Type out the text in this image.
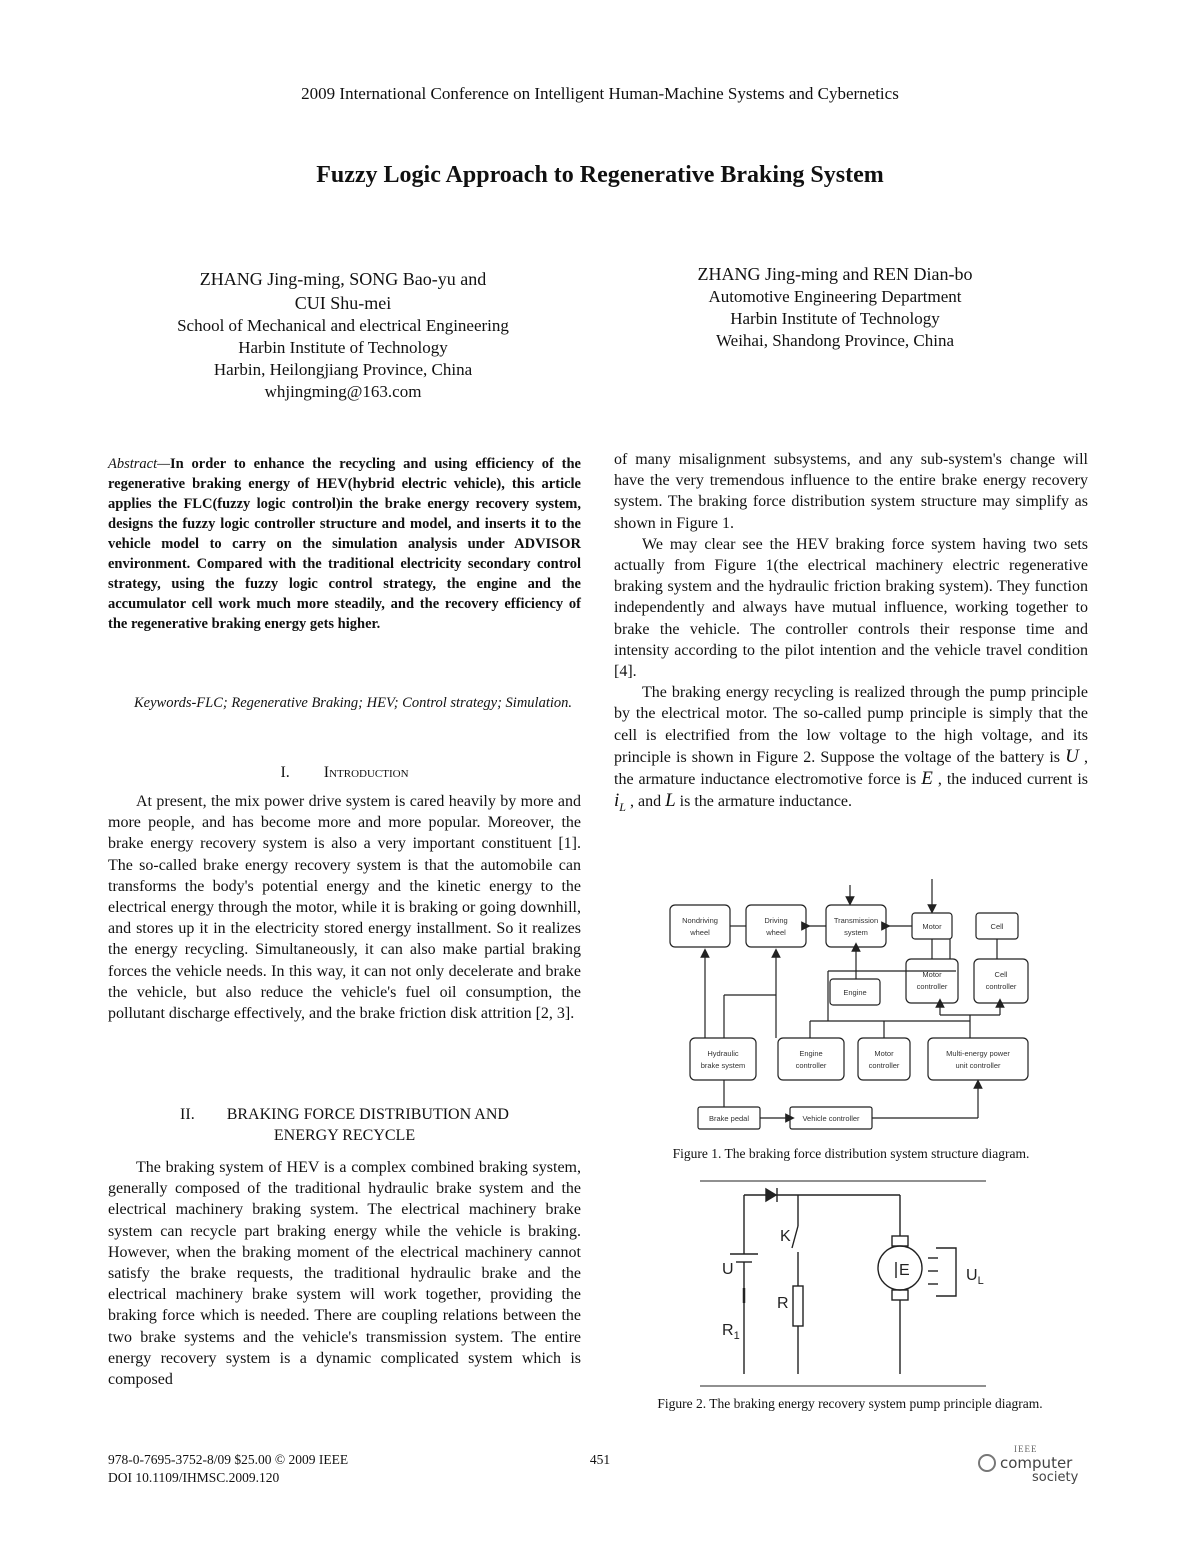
2009 International Conference on Intelligent Human-Machine Systems and Cybernetics
Fuzzy Logic Approach to Regenerative Braking System
ZHANG Jing-ming, SONG Bao-yu and
CUI Shu-mei
School of Mechanical and electrical Engineering
Harbin Institute of Technology
Harbin, Heilongjiang Province, China
whjingming@163.com
ZHANG Jing-ming and REN Dian-bo
Automotive Engineering Department
Harbin Institute of Technology
Weihai, Shandong Province, China
Abstract—In order to enhance the recycling and using efficiency of the regenerative braking energy of HEV(hybrid electric vehicle), this article applies the FLC(fuzzy logic control)in the brake energy recovery system, designs the fuzzy logic controller structure and model, and inserts it to the vehicle model to carry on the simulation analysis under ADVISOR environment. Compared with the traditional electricity secondary control strategy, using the fuzzy logic control strategy, the engine and the accumulator cell work much more steadily, and the recovery efficiency of the regenerative braking energy gets higher.
Keywords-FLC; Regenerative Braking; HEV; Control strategy; Simulation.
I. Introduction

At present, the mix power drive system is cared heavily by more and more people, and has become more and more popular. Moreover, the brake energy recovery system is also a very important constituent [1]. The so-called brake energy recovery system is that the automobile can transforms the body's potential energy and the kinetic energy to the electrical energy through the motor, while it is braking or going downhill, and stores up it in the electricity stored energy installment. So it realizes the energy recycling. Simultaneously, it can also make partial braking forces the vehicle needs. In this way, it can not only decelerate and brake the vehicle, but also reduce the vehicle's fuel oil consumption, the pollutant discharge effectively, and the brake friction disk attrition [2, 3].

II. BRAKING FORCE DISTRIBUTION AND
ENERGY RECYCLE

The braking system of HEV is a complex combined braking system, generally composed of the traditional hydraulic brake system and the electrical machinery braking system. The electrical machinery brake system can recycle part braking energy while the vehicle is braking. However, when the braking moment of the electrical machinery cannot satisfy the brake requests, the traditional hydraulic brake and the electrical machinery brake system will work together, providing the braking force which is needed. There are coupling relations between the two brake systems and the vehicle's transmission system. The entire energy recovery system is a dynamic complicated system which is composed

of many misalignment subsystems, and any sub-system's change will have the very tremendous influence to the entire brake energy recovery system. The braking force distribution system structure may simplify as shown in Figure 1.

We may clear see the HEV braking force system having two sets actually from Figure 1(the electrical machinery electric regenerative braking system and the hydraulic friction braking system). They function independently and always have mutual influence, working together to brake the vehicle. The controller controls their response time and intensity according to the pilot intention and the vehicle travel condition [4].

The braking energy recycling is realized through the pump principle by the electrical motor. The so-called pump principle is simply that the cell is electrified from the low voltage to the high voltage, and its principle is shown in Figure 2. Suppose the voltage of the battery is U , the armature inductance electromotive force is E , the induced current is $i_L$ , and L is the armature inductance.

Nondriving
wheel
Driving
wheel
Transmission
system
Motor	Cell
Engine
Motor
controller
Cell
controller
Hydraulic
brake system
Engine
controller
Motor
controller
Multi-energy power
unit controller
Brake pedal	Vehicle controller
Figure 1. The braking force distribution system structure diagram.
U
$R_1$
K
R
E	$U_L$
Figure 2. The braking energy recovery system pump principle diagram.
978-0-7695-3752-8/09 $25.00 © 2009 IEEE
DOI 10.1109/IHMSC.2009.120
451
IEEE
computer
society
